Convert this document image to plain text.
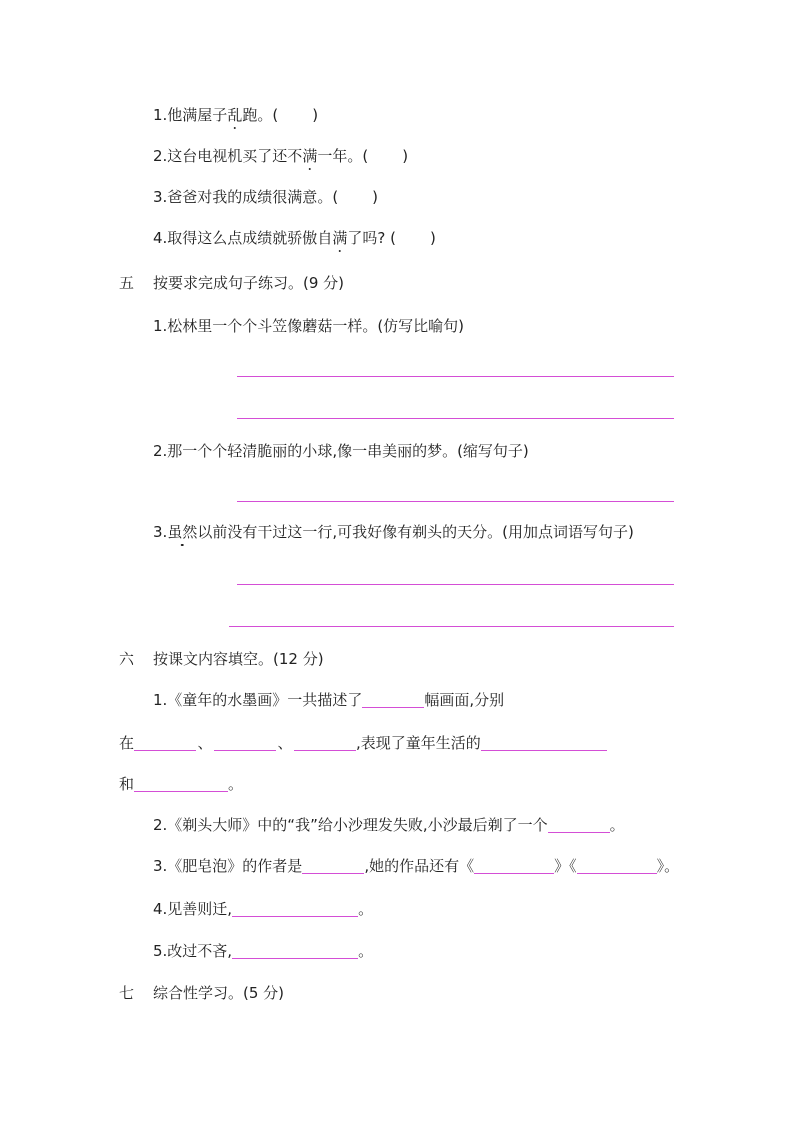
1.他满屋子乱跑。( )
2.这台电视机买了还不满一年。( )
3.爸爸对我的成绩很满意。( )
4.取得这么点成绩就骄傲自满了吗? ( )
五 按要求完成句子练习。(9 分)
1.松林里一个个斗笠像蘑菇一样。(仿写比喻句)
2.那一个个轻清脆丽的小球,像一串美丽的梦。(缩写句子)
3.虽然以前没有干过这一行,可我好像有剃头的天分。(用加点词语写句子)
六 按课文内容填空。(12 分)
1.《童年的水墨画》一共描述了	幅画面,分别
在	、	、	,表现了童年生活的
和	。
2.《剃头大师》中的“我”给小沙理发失败,小沙最后剃了一个	。
3.《肥皂泡》的作者是	,她的作品还有《	》《	》。
4.见善则迁,	。
5.改过不吝,	。
七 综合性学习。(5 分)
